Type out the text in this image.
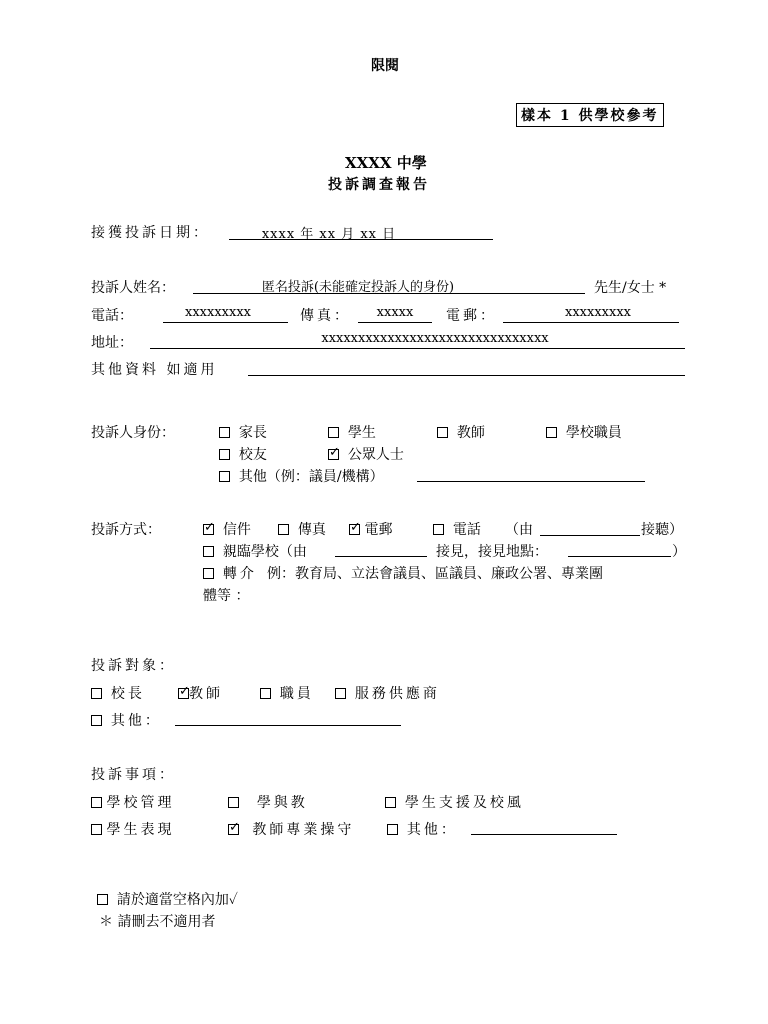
限閱
樣本 1 供學校參考
XXXX 中學
投訴調查報告
接獲投訴日期：	xxxx 年 xx 月 xx 日
投訴人姓名：	匿名投訴(未能確定投訴人的身份)	先生/女士 *
電話：	xxxxxxxxx	傳真：	xxxxx	電郵：	xxxxxxxxx
地址：	xxxxxxxxxxxxxxxxxxxxxxxxxxxxxxx
其他資料 如適用
投訴人身份：	家長	學生	教師	學校職員
校友 ✓	公眾人士
其他（例：議員/機構）
投訴方式： ✓	信件	傳真 ✓	電郵	電話 （由	接聽）
親臨學校（由	接見，接見地點：	）
轉介 例：教育局、立法會議員、區議員、廉政公署、專業團
體等 ：
投訴對象：
校長 ✓	教師	職員	服務供應商
其他：
投訴事項：
學校管理	學與教	學生支援及校風
學生表現 ✓	教師專業操守	其他：
請於適當空格內加✓
＊ 請刪去不適用者
